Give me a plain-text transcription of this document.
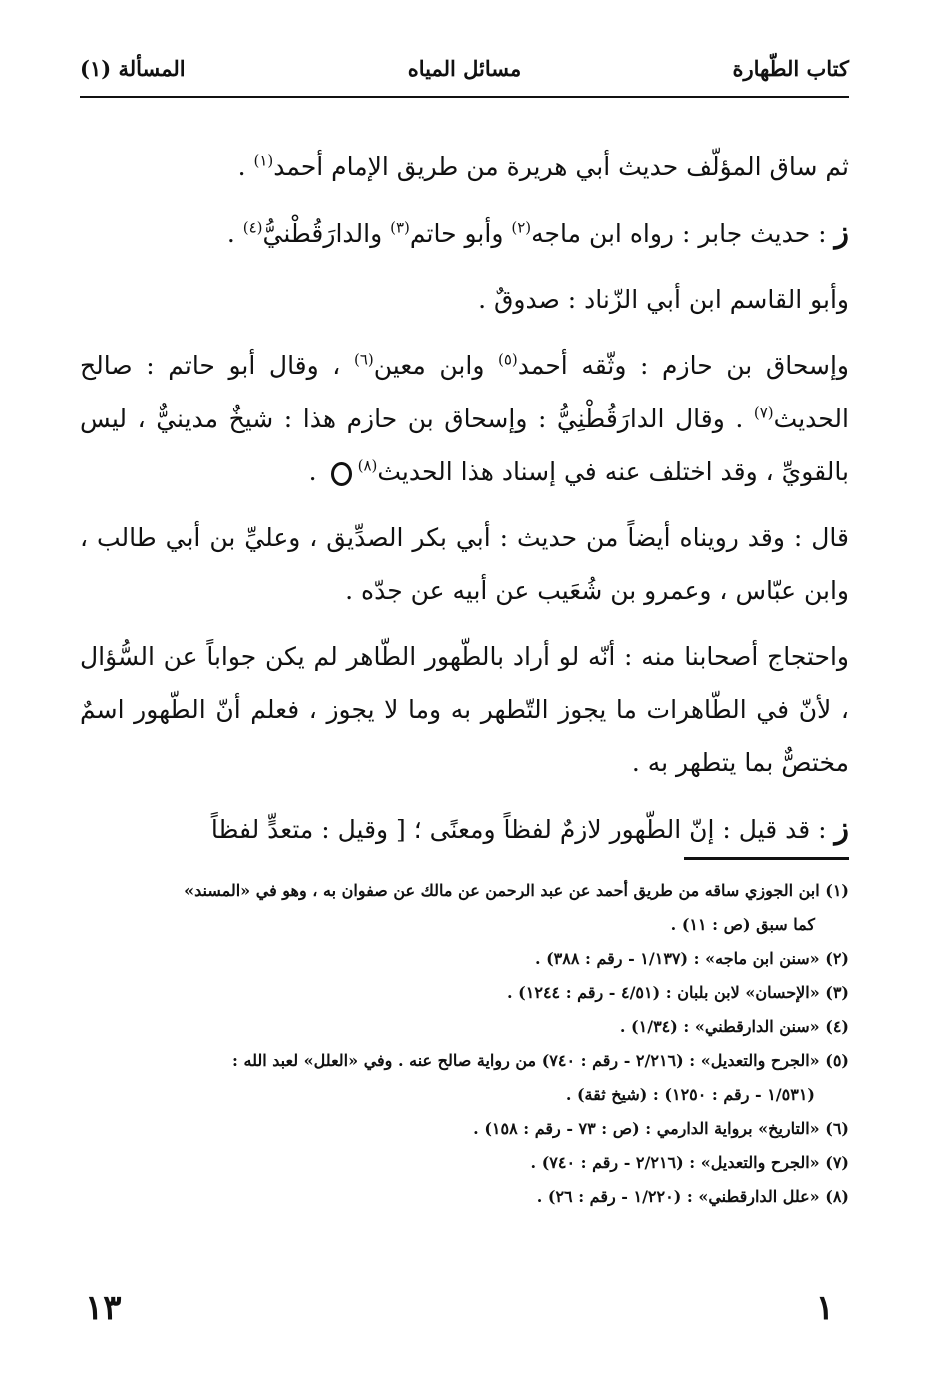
كتاب الطّهارة
مسائل المياه
المسألة (١)

ثم ساق المؤلّف حديث أبي هريرة من طريق الإمام أحمد$^{(١)}$ .

ز : حديث جابر : رواه ابن ماجه$^{(٢)}$ وأبو حاتم$^{(٣)}$ والدارَقُطْنيُّ$^{(٤)}$ .

وأبو القاسم ابن أبي الزّناد : صدوقٌ .

وإسحاق بن حازم : وثّقه أحمد$^{(٥)}$ وابن معين$^{(٦)}$ ، وقال أبو حاتم : صالح الحديث$^{(٧)}$ . وقال الدارَقُطْنِيُّ : وإسحاق بن حازم هذا : شيخٌ مدينيٌّ ، ليس بالقويِّ ، وقد اختلف عنه في إسناد هذا الحديث$^{(٨)}$ .

قال : وقد رويناه أيضاً من حديث : أبي بكر الصدِّيق ، وعليِّ بن أبي طالب ، وابن عبّاس ، وعمرو بن شُعَيب عن أبيه عن جدّه .

واحتجاج أصحابنا منه : أنّه لو أراد بالطّهور الطّاهر لم يكن جواباً عن السُّؤال ، لأنّ في الطّاهرات ما يجوز التّطهر به وما لا يجوز ، فعلم أنّ الطّهور اسمٌ مختصٌّ بما يتطهر به .

ز : قد قيل : إنّ الطّهور لازمٌ لفظاً ومعنًى ؛ [ وقيل : متعدٍّ لفظاً

(١) ابن الجوزي ساقه من طريق أحمد عن عبد الرحمن عن مالك عن صفوان به ، وهو في «المسند»
كما سبق (ص : ١١) .
(٢) «سنن ابن ماجه» : (١/١٣٧ - رقم : ٣٨٨) .
(٣) «الإحسان» لابن بلبان : (٤/٥١ - رقم : ١٢٤٤) .
(٤) «سنن الدارقطني» : (١/٣٤) .
(٥) «الجرح والتعديل» : (٢/٢١٦ - رقم : ٧٤٠) من رواية صالح عنه . وفي «العلل» لعبد الله :
(١/٥٣١ - رقم : ١٢٥٠) : (شيخ ثقة) .
(٦) «التاريخ» برواية الدارمي : (ص : ٧٣ - رقم : ١٥٨) .
(٧) «الجرح والتعديل» : (٢/٢١٦ - رقم : ٧٤٠) .
(٨) «علل الدارقطني» : (١/٢٢٠ - رقم : ٢٦) .
١
١٣
